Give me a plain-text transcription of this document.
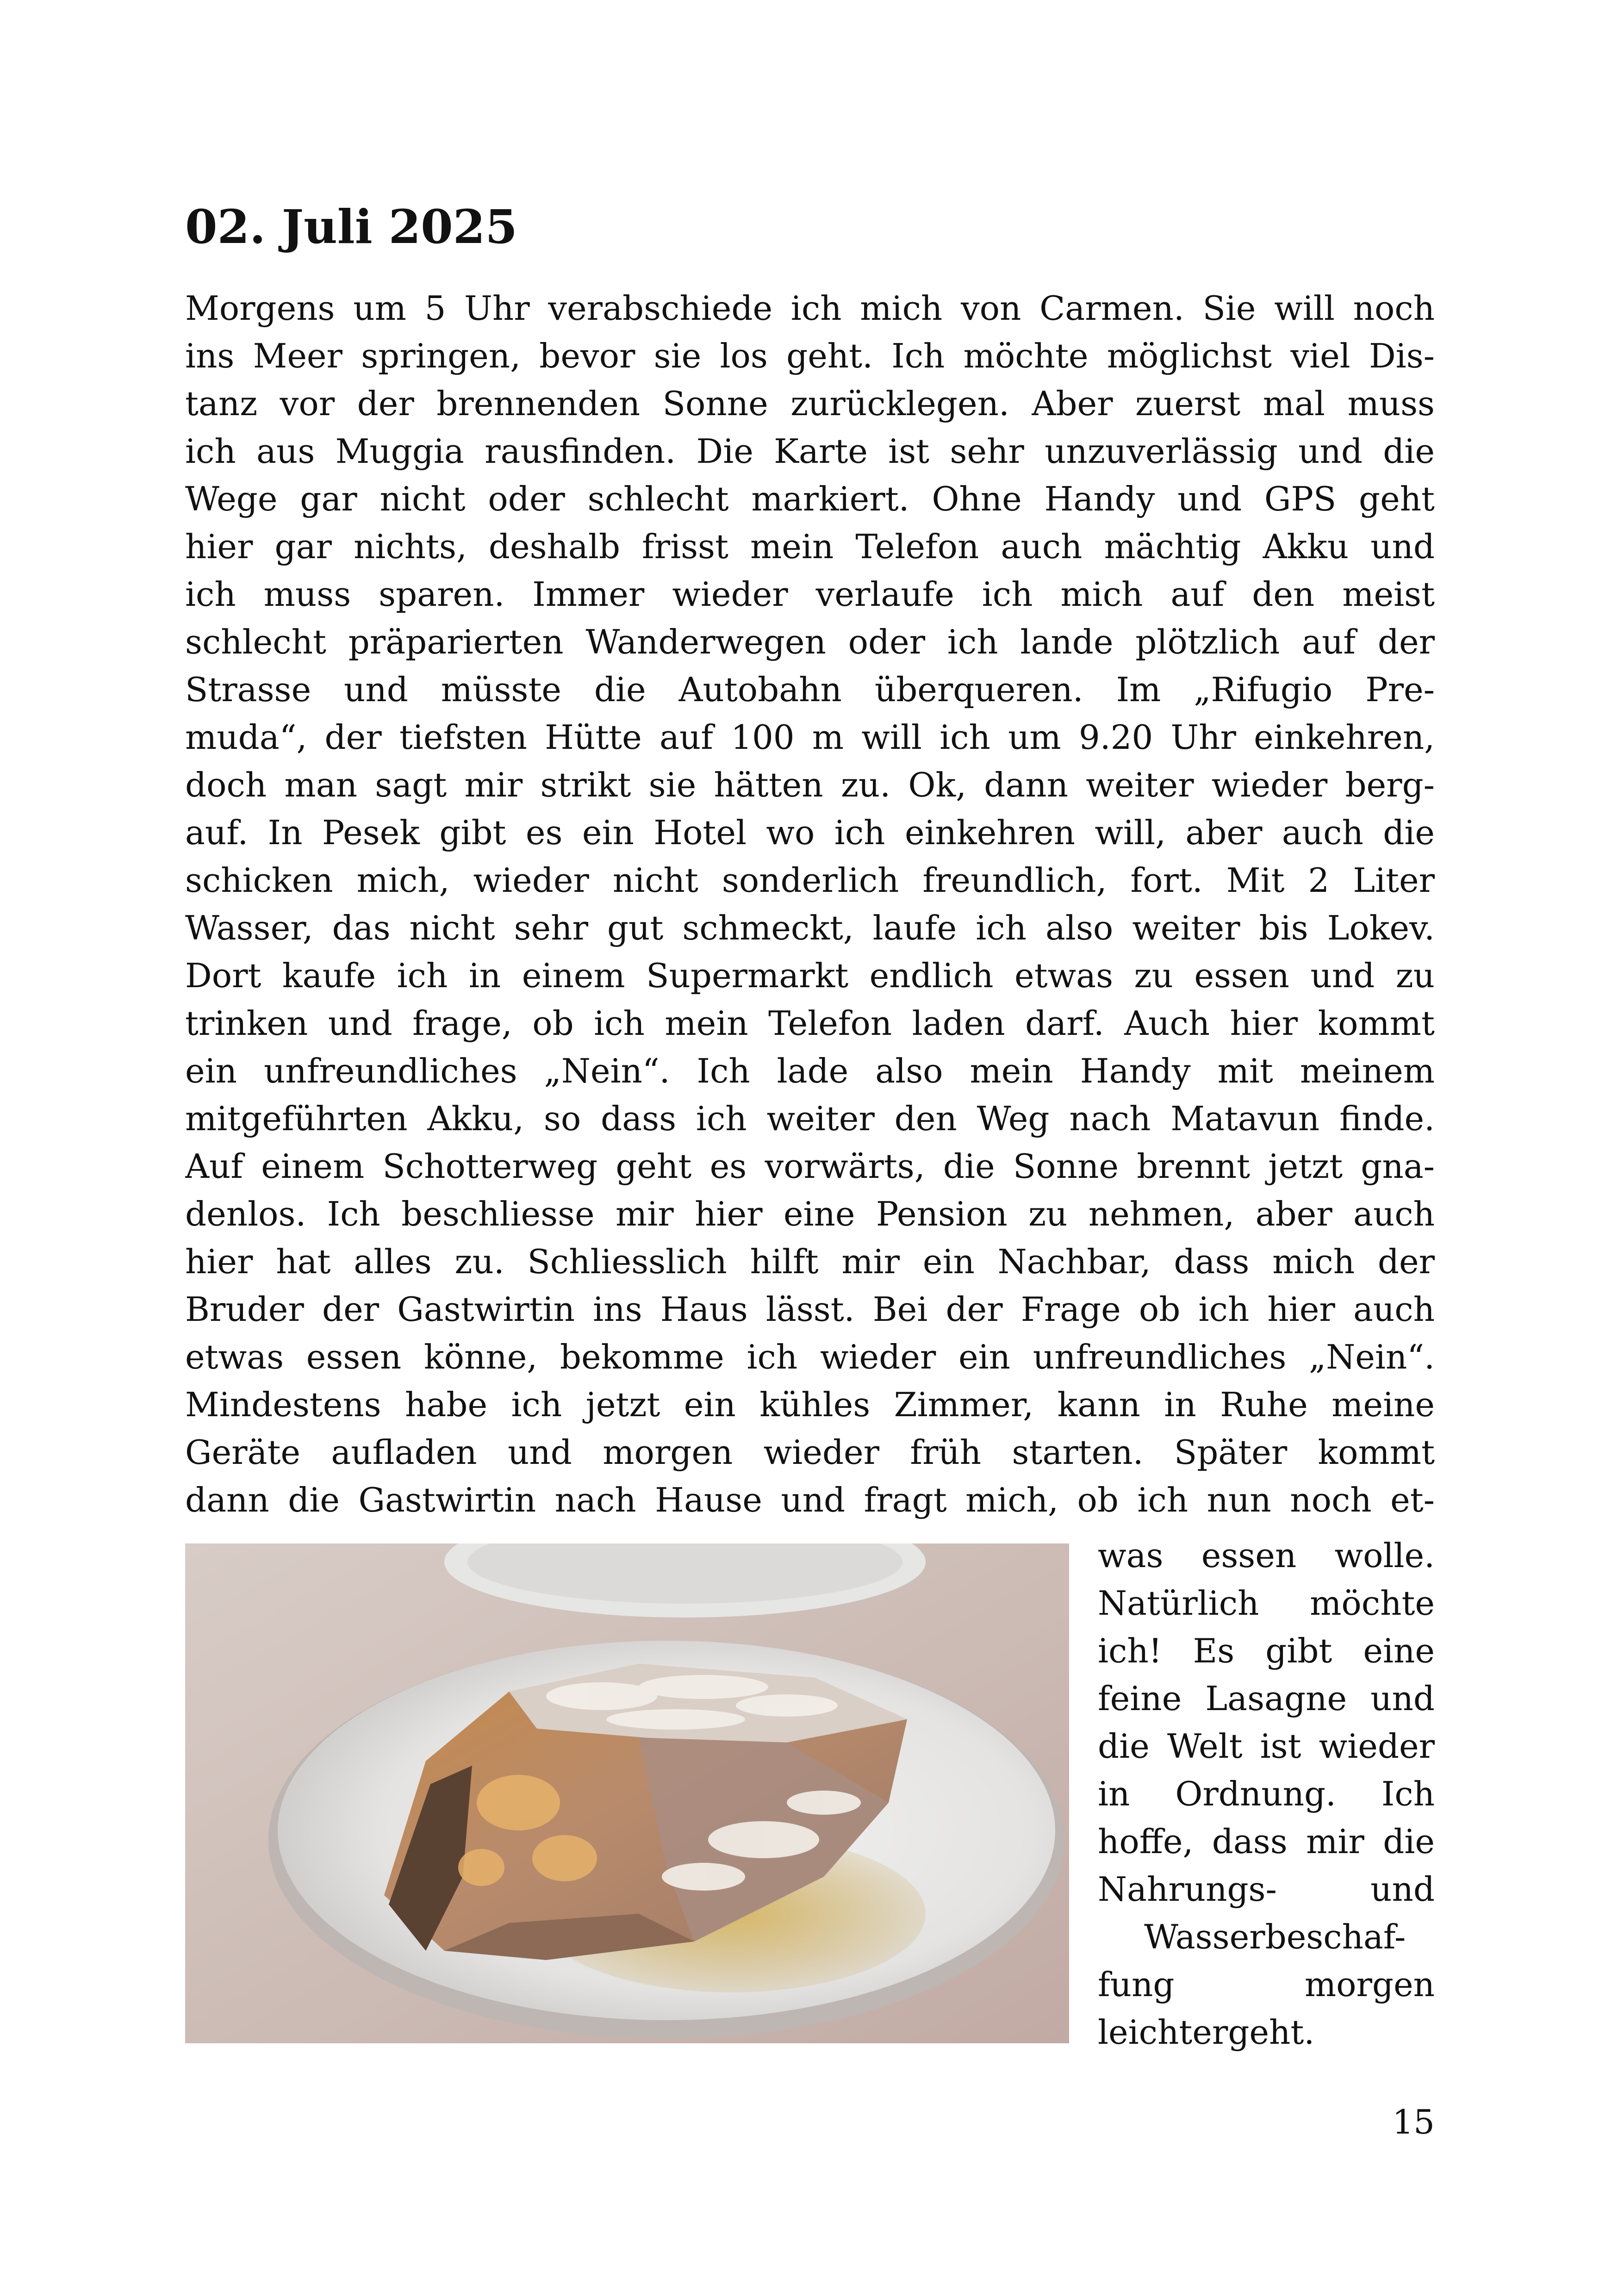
02. Juli 2025
Morgens um 5 Uhr verabschiede ich mich von Carmen. Sie will noch
ins Meer springen, bevor sie los geht. Ich möchte möglichst viel Dis-
tanz vor der brennenden Sonne zurücklegen. Aber zuerst mal muss
ich aus Muggia rausfinden. Die Karte ist sehr unzuverlässig und die
Wege gar nicht oder schlecht markiert. Ohne Handy und GPS geht
hier gar nichts, deshalb frisst mein Telefon auch mächtig Akku und
ich muss sparen. Immer wieder verlaufe ich mich auf den meist
schlecht präparierten Wanderwegen oder ich lande plötzlich auf der
Strasse und müsste die Autobahn überqueren. Im „Rifugio Pre-
muda“, der tiefsten Hütte auf 100 m will ich um 9.20 Uhr einkehren,
doch man sagt mir strikt sie hätten zu. Ok, dann weiter wieder berg-
auf. In Pesek gibt es ein Hotel wo ich einkehren will, aber auch die
schicken mich, wieder nicht sonderlich freundlich, fort. Mit 2 Liter
Wasser, das nicht sehr gut schmeckt, laufe ich also weiter bis Lokev.
Dort kaufe ich in einem Supermarkt endlich etwas zu essen und zu
trinken und frage, ob ich mein Telefon laden darf. Auch hier kommt
ein unfreundliches „Nein“. Ich lade also mein Handy mit meinem
mitgeführten Akku, so dass ich weiter den Weg nach Matavun finde.
Auf einem Schotterweg geht es vorwärts, die Sonne brennt jetzt gna-
denlos. Ich beschliesse mir hier eine Pension zu nehmen, aber auch
hier hat alles zu. Schliesslich hilft mir ein Nachbar, dass mich der
Bruder der Gastwirtin ins Haus lässt. Bei der Frage ob ich hier auch
etwas essen könne, bekomme ich wieder ein unfreundliches „Nein“.
Mindestens habe ich jetzt ein kühles Zimmer, kann in Ruhe meine
Geräte aufladen und morgen wieder früh starten. Später kommt
dann die Gastwirtin nach Hause und fragt mich, ob ich nun noch et-
was essen wolle.
Natürlich möchte
ich! Es gibt eine
feine Lasagne und
die Welt ist wieder
in Ordnung. Ich
hoffe, dass mir die
Nahrungs- und
Wasserbeschaf-
fung morgen
leichtergeht.
15
